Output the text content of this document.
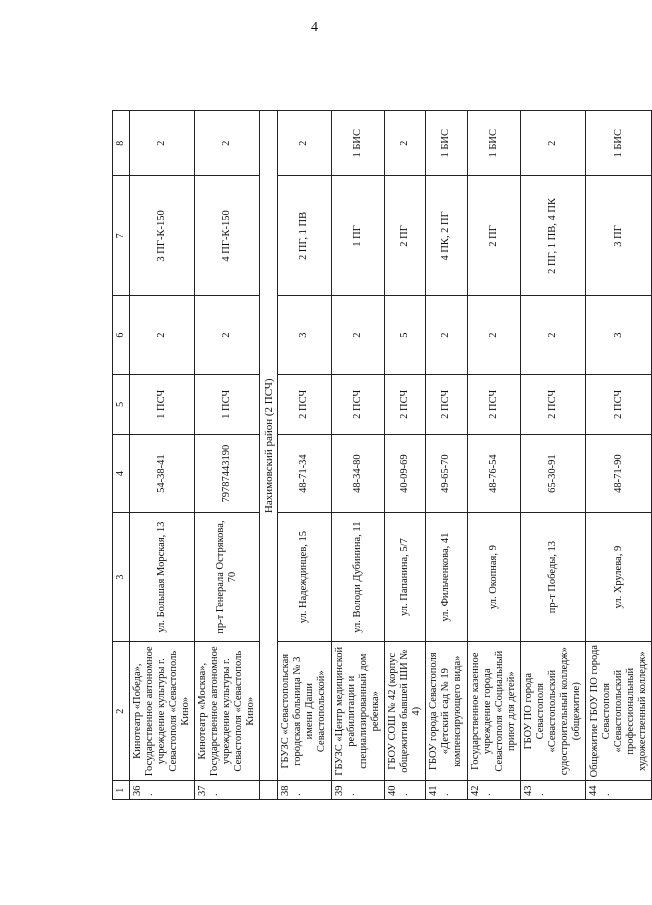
4
1	2	3	4	5	6	7	8
36.	Кинотеатр «Победа», Государственное автономное учреждение культуры г. Севастополя «Севастополь Кино»	ул. Большая Морская, 13	54-38-41	1 ПСЧ	2	3 ПГ-К-150	2
37.	Кинотеатр «Москва», Государственное автономное учреждение культуры г. Севастополя «Севастополь Кино»	пр-т Генерала Острякова, 70	79787443190	1 ПСЧ	2	4 ПГ-К-150	2
	Нахимовский район (2 ПСЧ)						
38.	ГБУЗС «Севастопольская городская больница № 3 имени Даши Севастопольской»	ул. Надеждинцев, 15	48-71-34	2 ПСЧ	3	2 ПГ, 1 ПВ	2
39.	ГБУЗС «Центр медицинской реабилитации и специализированный дом ребенка»	ул. Володи Дубинина, 11	48-34-80	2 ПСЧ	2	1 ПГ	1 БИС
40.	ГБОУ СОШ № 42 (корпус общежития бывшей ШИ № 4)	ул. Папанина, 5/7	40-09-69	2 ПСЧ	5	2 ПГ	2
41.	ГБОУ города Севастополя «Детский сад № 19 компенсирующего вида»	ул. Фильченкова, 41	49-65-70	2 ПСЧ	2	4 ПК, 2 ПГ	1 БИС
42.	Государственное казенное учреждение города Севастополя «Социальный приют для детей»	ул. Окопная, 9	48-76-54	2 ПСЧ	2	2 ПГ	1 БИС
43.	ГБОУ ПО города Севастополя «Севастопольский судостроительный колледж» (общежитие)	пр-т Победы, 13	65-30-91	2 ПСЧ	2	2 ПГ, 1 ПВ, 4 ПК	2
44.	Общежитие ГБОУ ПО города Севастополя «Севастопольский профессиональный художественный колледж»	ул. Хрулева, 9	48-71-90	2 ПСЧ	3	3 ПГ	1 БИС
